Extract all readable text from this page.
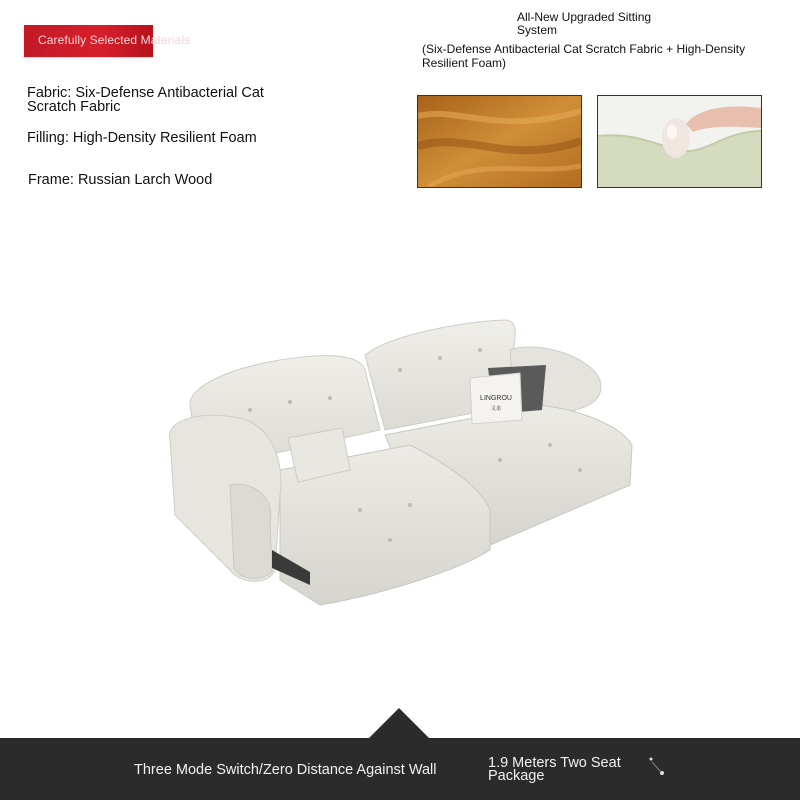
Carefully Selected Materials
Fabric: Six-Defense Antibacterial Cat Scratch Fabric
Filling: High-Density Resilient Foam
Frame: Russian Larch Wood
All-New Upgraded Sitting System
(Six-Defense Antibacterial Cat Scratch Fabric + High-Density Resilient Foam)
LINGROU
灵柔
Three Mode Switch/Zero Distance Against Wall	1.9 Meters Two Seat Package
